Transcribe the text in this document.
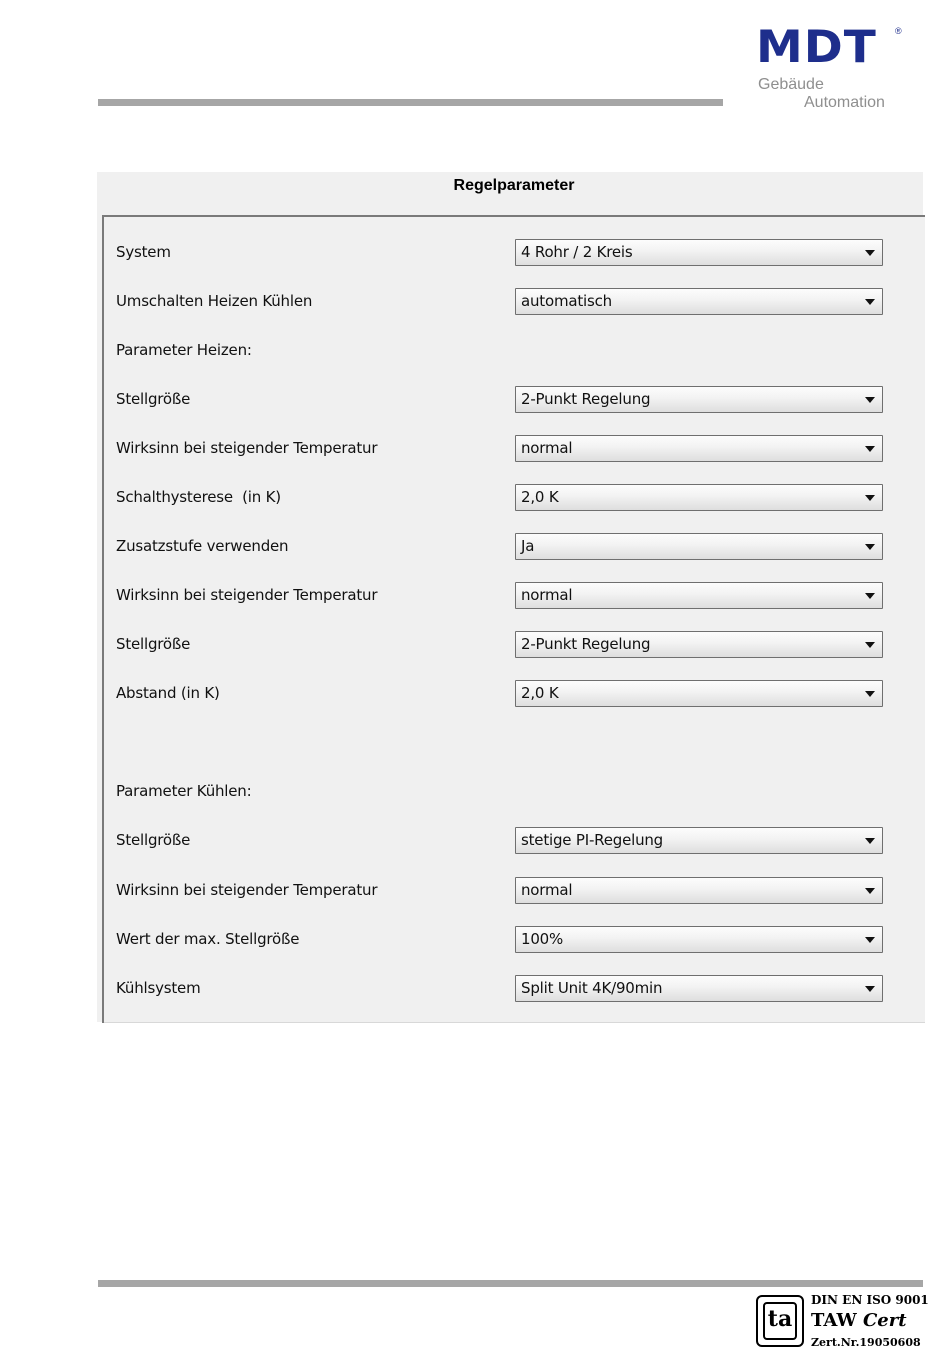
MDT ®
Gebäude
Automation
Regelparameter
System	4 Rohr / 2 Kreis
Umschalten Heizen Kühlen	automatisch
Parameter Heizen:
Stellgröße	2-Punkt Regelung
Wirksinn bei steigender Temperatur	normal
Schalthysterese  (in K)	2,0 K
Zusatzstufe verwenden	Ja
Wirksinn bei steigender Temperatur	normal
Stellgröße	2-Punkt Regelung
Abstand (in K)	2,0 K
Parameter Kühlen:
Stellgröße	stetige PI-Regelung
Wirksinn bei steigender Temperatur	normal
Wert der max. Stellgröße	100%
Kühlsystem	Split Unit 4K/90min
ta
DIN EN ISO 9001
TAW Cert
Zert.Nr.19050608
